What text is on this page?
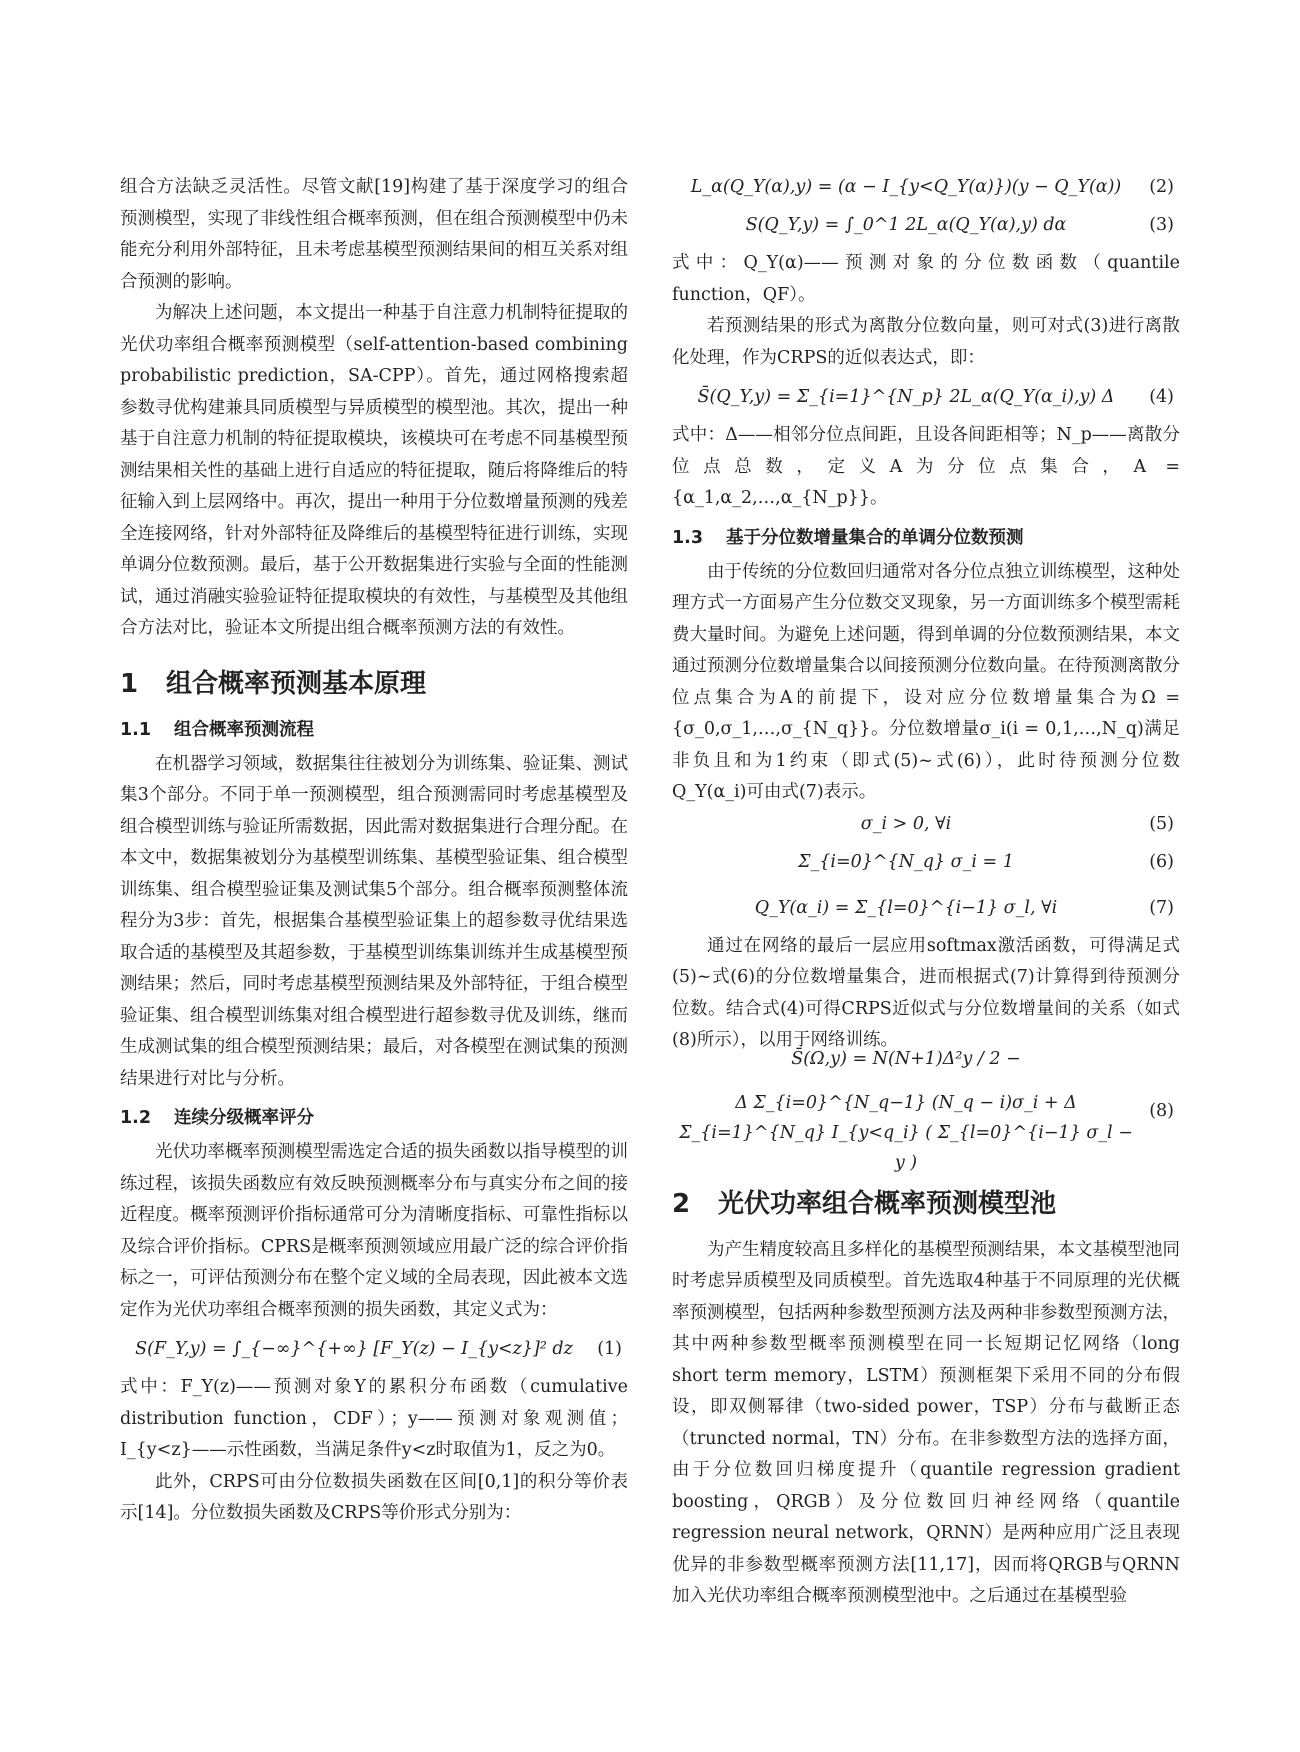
组合方法缺乏灵活性。尽管文献[19]构建了基于深度学习的组合预测模型，实现了非线性组合概率预测，但在组合预测模型中仍未能充分利用外部特征，且未考虑基模型预测结果间的相互关系对组合预测的影响。

为解决上述问题，本文提出一种基于自注意力机制特征提取的光伏功率组合概率预测模型（self-attention-based combining probabilistic prediction，SA-CPP）。首先，通过网格搜索超参数寻优构建兼具同质模型与异质模型的模型池。其次，提出一种基于自注意力机制的特征提取模块，该模块可在考虑不同基模型预测结果相关性的基础上进行自适应的特征提取，随后将降维后的特征输入到上层网络中。再次，提出一种用于分位数增量预测的残差全连接网络，针对外部特征及降维后的基模型特征进行训练，实现单调分位数预测。最后，基于公开数据集进行实验与全面的性能测试，通过消融实验验证特征提取模块的有效性，与基模型及其他组合方法对比，验证本文所提出组合概率预测方法的有效性。

1 组合概率预测基本原理
1.1 组合概率预测流程

在机器学习领域，数据集往往被划分为训练集、验证集、测试集3个部分。不同于单一预测模型，组合预测需同时考虑基模型及组合模型训练与验证所需数据，因此需对数据集进行合理分配。在本文中，数据集被划分为基模型训练集、基模型验证集、组合模型训练集、组合模型验证集及测试集5个部分。组合概率预测整体流程分为3步：首先，根据集合基模型验证集上的超参数寻优结果选取合适的基模型及其超参数，于基模型训练集训练并生成基模型预测结果；然后，同时考虑基模型预测结果及外部特征，于组合模型验证集、组合模型训练集对组合模型进行超参数寻优及训练，继而生成测试集的组合模型预测结果；最后，对各模型在测试集的预测结果进行对比与分析。

1.2 连续分级概率评分

光伏功率概率预测模型需选定合适的损失函数以指导模型的训练过程，该损失函数应有效反映预测概率分布与真实分布之间的接近程度。概率预测评价指标通常可分为清晰度指标、可靠性指标以及综合评价指标。CPRS是概率预测领域应用最广泛的综合评价指标之一，可评估预测分布在整个定义域的全局表现，因此被本文选定作为光伏功率组合概率预测的损失函数，其定义式为：

S(F_Y,y) = ∫_{−∞}^{+∞} [F_Y(z) − I_{y<z}]² dz	(1)

式中：F_Y(z)——预测对象Y的累积分布函数（cumulative distribution function，CDF）；y——预测对象观测值；I_{y<z}——示性函数，当满足条件y<z时取值为1，反之为0。

此外，CRPS可由分位数损失函数在区间[0,1]的积分等价表示[14]。分位数损失函数及CRPS等价形式分别为：

L_α(Q_Y(α),y) = (α − I_{y<Q_Y(α)})(y − Q_Y(α))	(2)
S(Q_Y,y) = ∫_0^1 2L_α(Q_Y(α),y) dα	(3)

式中：Q_Y(α)——预测对象的分位数函数（quantile function，QF）。

若预测结果的形式为离散分位数向量，则可对式(3)进行离散化处理，作为CRPS的近似表达式，即：

S̄(Q_Y,y) = Σ_{i=1}^{N_p} 2L_α(Q_Y(α_i),y) Δ	(4)

式中：Δ——相邻分位点间距，且设各间距相等；N_p——离散分位点总数，定义A为分位点集合，A = {α_1,α_2,…,α_{N_p}}。

1.3 基于分位数增量集合的单调分位数预测

由于传统的分位数回归通常对各分位点独立训练模型，这种处理方式一方面易产生分位数交叉现象，另一方面训练多个模型需耗费大量时间。为避免上述问题，得到单调的分位数预测结果，本文通过预测分位数增量集合以间接预测分位数向量。在待预测离散分位点集合为A的前提下，设对应分位数增量集合为Ω = {σ_0,σ_1,…,σ_{N_q}}。分位数增量σ_i(i = 0,1,…,N_q)满足非负且和为1约束（即式(5)~式(6)），此时待预测分位数Q_Y(α_i)可由式(7)表示。

σ_i > 0, ∀i	(5)
Σ_{i=0}^{N_q} σ_i = 1	(6)
Q_Y(α_i) = Σ_{l=0}^{i−1} σ_l, ∀i	(7)

通过在网络的最后一层应用softmax激活函数，可得满足式(5)~式(6)的分位数增量集合，进而根据式(7)计算得到待预测分位数。结合式(4)可得CRPS近似式与分位数增量间的关系（如式(8)所示），以用于网络训练。

S̄(Ω,y) = N(N+1)Δ²y / 2 −
Δ Σ_{i=0}^{N_q−1} (N_q − i)σ_i + Δ Σ_{i=1}^{N_q} I_{y<q_i} ( Σ_{l=0}^{i−1} σ_l − y )
(8)
2 光伏功率组合概率预测模型池

为产生精度较高且多样化的基模型预测结果，本文基模型池同时考虑异质模型及同质模型。首先选取4种基于不同原理的光伏概率预测模型，包括两种参数型预测方法及两种非参数型预测方法，其中两种参数型概率预测模型在同一长短期记忆网络（long short term memory，LSTM）预测框架下采用不同的分布假设，即双侧幂律（two-sided power，TSP）分布与截断正态（truncted normal，TN）分布。在非参数型方法的选择方面，由于分位数回归梯度提升（quantile regression gradient boosting，QRGB）及分位数回归神经网络（quantile regression neural network，QRNN）是两种应用广泛且表现优异的非参数型概率预测方法[11,17]，因而将QRGB与QRNN加入光伏功率组合概率预测模型池中。之后通过在基模型验
